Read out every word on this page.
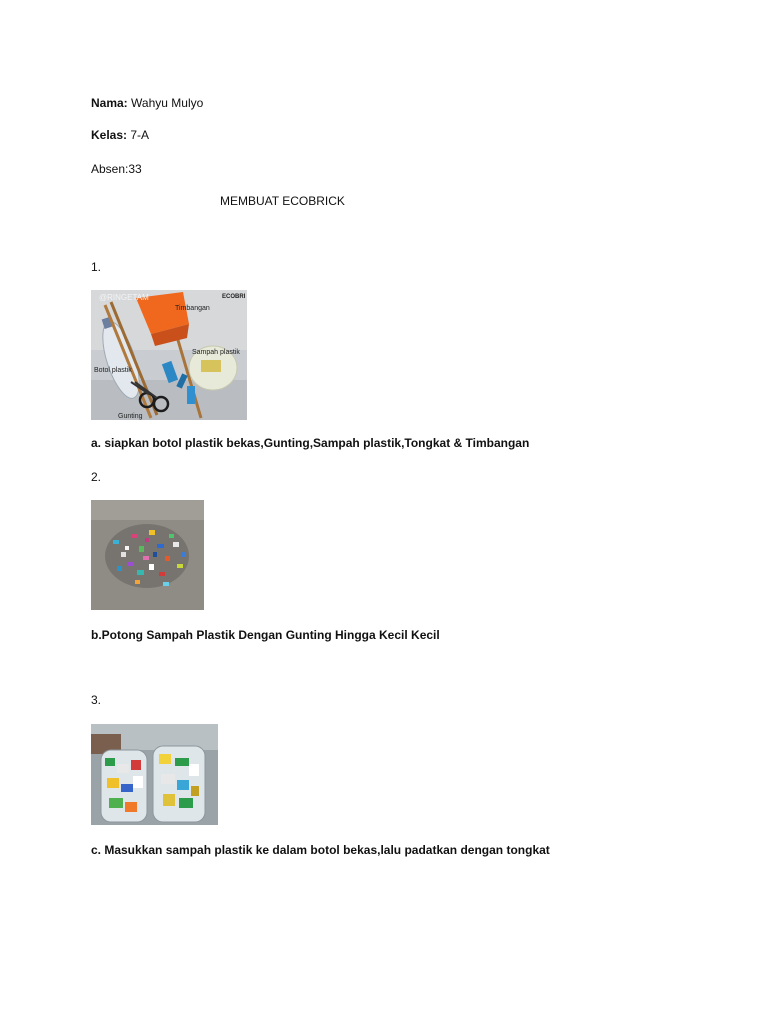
Nama: Wahyu Mulyo
Kelas: 7-A
Absen:33
MEMBUAT ECOBRICK
1.
@RINGETAM	ECOBRI
Timbangan
Sampah plastik
Botol plastik
Gunting
a. siapkan botol plastik bekas,Gunting,Sampah plastik,Tongkat & Timbangan
2.
b.Potong Sampah Plastik Dengan Gunting Hingga Kecil Kecil
3.
c. Masukkan sampah plastik ke dalam botol bekas,lalu padatkan dengan tongkat
